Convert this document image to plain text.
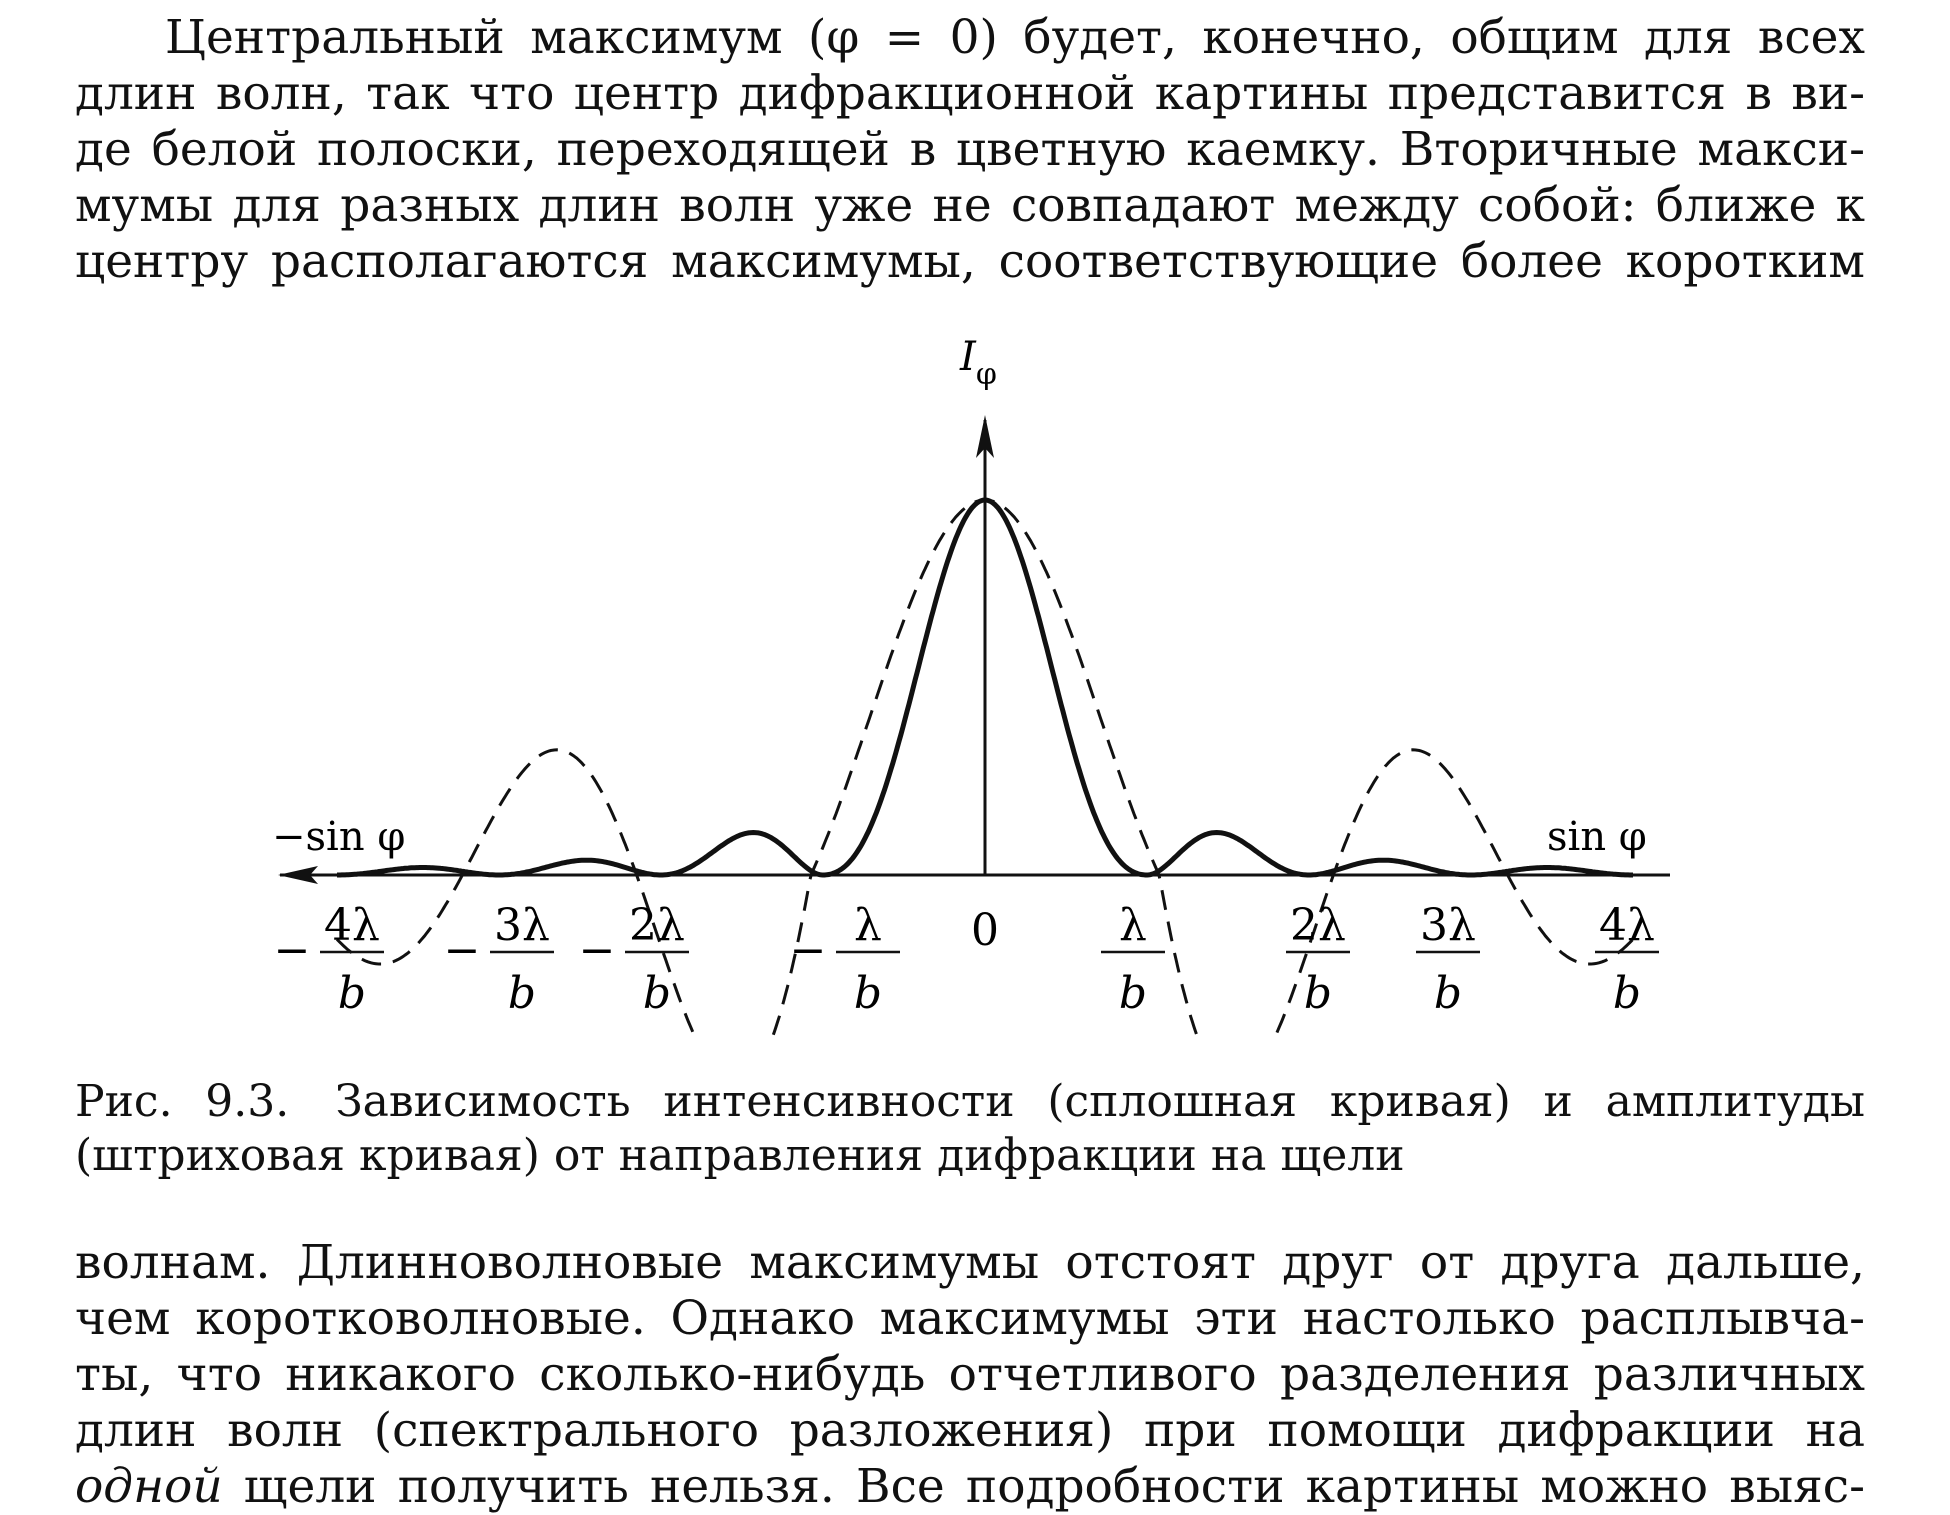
Центральный максимум (φ = 0) будет, конечно, общим для всех
длин волн, так что центр дифракционной картины представится в ви-
де белой полоски, переходящей в цветную каемку. Вторичные макси-
мумы для разных длин волн уже не совпадают между собой: ближе к
центру располагаются максимумы, соответствующие более коротким
$I_\varphi$
−sin φ	sin φ
4λ
b
−	3λ
b
−	2λ
b
−	λ
b
−	λ
b
2λ
b
3λ
b
4λ
b
0
Рис. 9.3. Зависимость интенсивности (сплошная кривая) и амплитуды
(штриховая кривая) от направления дифракции на щели
волнам. Длинноволновые максимумы отстоят друг от друга дальше,
чем коротковолновые. Однако максимумы эти настолько расплывча-
ты, что никакого сколько-нибудь отчетливого разделения различных
длин волн (спектрального разложения) при помощи дифракции на
одной щели получить нельзя. Все подробности картины можно выяс-
